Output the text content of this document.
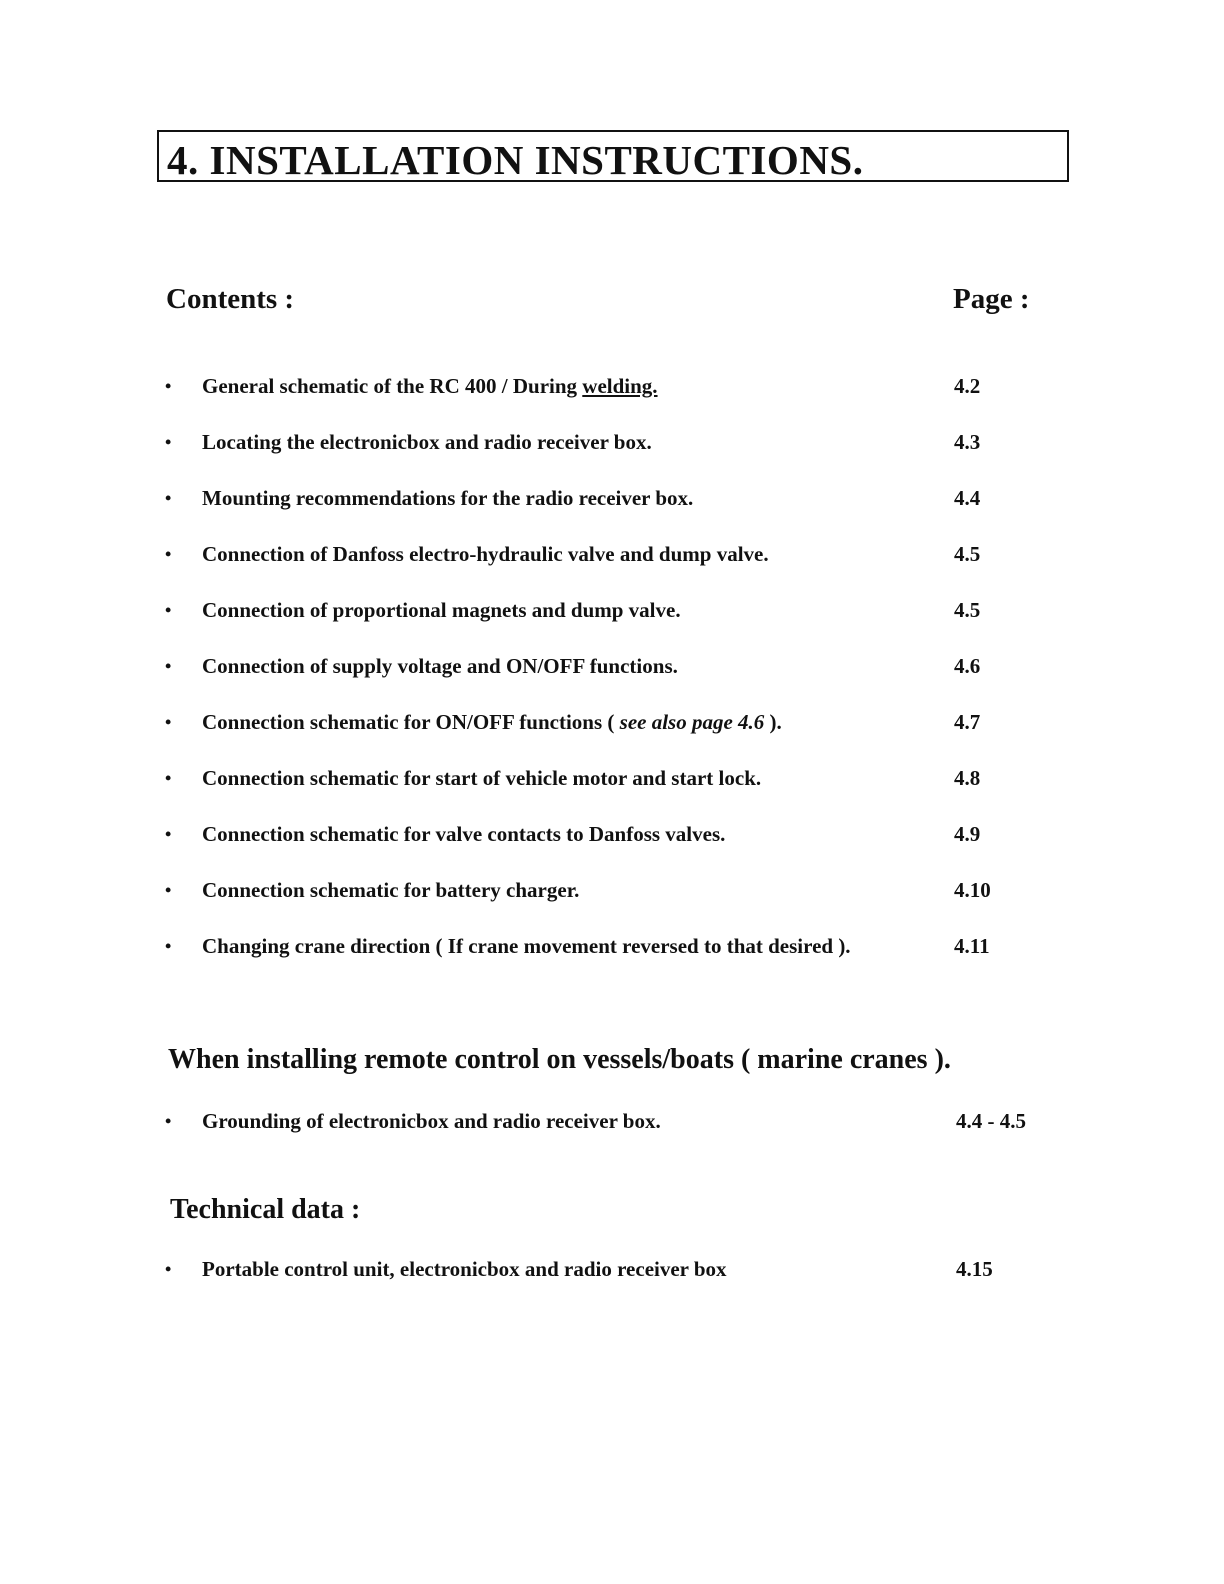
4. INSTALLATION INSTRUCTIONS.
Contents :	Page :
•	General schematic of the RC 400 / During welding.	4.2
•	Locating the electronicbox and radio receiver box.	4.3
•	Mounting recommendations for the radio receiver box.	4.4
•	Connection of Danfoss electro-hydraulic valve and dump valve.	4.5
•	Connection of proportional magnets and dump valve.	4.5
•	Connection of supply voltage and ON/OFF functions.	4.6
•	Connection schematic for ON/OFF functions ( see also page 4.6 ).	4.7
•	Connection schematic for start of vehicle motor and start lock.	4.8
•	Connection schematic for valve contacts to Danfoss valves.	4.9
•	Connection schematic for battery charger.	4.10
•	Changing crane direction ( If crane movement reversed to that desired ).	4.11
When installing remote control on vessels/boats ( marine cranes ).
•	Grounding of electronicbox and radio receiver box.	4.4 - 4.5
Technical data :
•	Portable control unit, electronicbox and radio receiver box	4.15
